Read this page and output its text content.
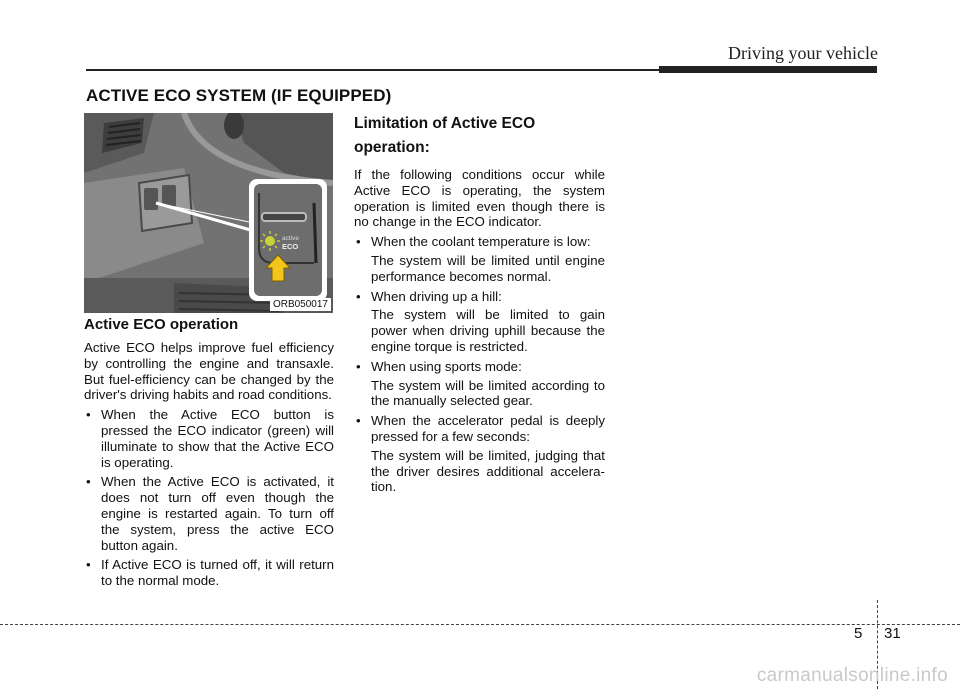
Driving your vehicle
ACTIVE ECO SYSTEM (IF EQUIPPED)
active
ECO
ORB050017
Active ECO operation

Active ECO helps improve fuel efficiency by controlling the engine and transaxle. But fuel-efficiency can be changed by the driver's driving habits and road conditions.

• When the Active ECO button is pressed the ECO indicator (green) will illuminate to show that the Active ECO is operating.
• When the Active ECO is activated, it does not turn off even though the engine is restarted again. To turn off the system, press the active ECO button again.
• If Active ECO is turned off, it will return to the normal mode.
Limitation of Active ECO operation:

If the following conditions occur while Active ECO is operating, the system operation is limited even though there is no change in the ECO indicator.

• When the coolant temperature is low:
The system will be limited until engine performance becomes normal.
• When driving up a hill:
The system will be limited to gain power when driving uphill because the engine torque is restricted.
• When using sports mode:
The system will be limited according to the manually selected gear.
• When the accelerator pedal is deeply pressed for a few seconds:
The system will be limited, judging that the driver desires additional accelera-tion.
5 31
carmanualsonline.info
